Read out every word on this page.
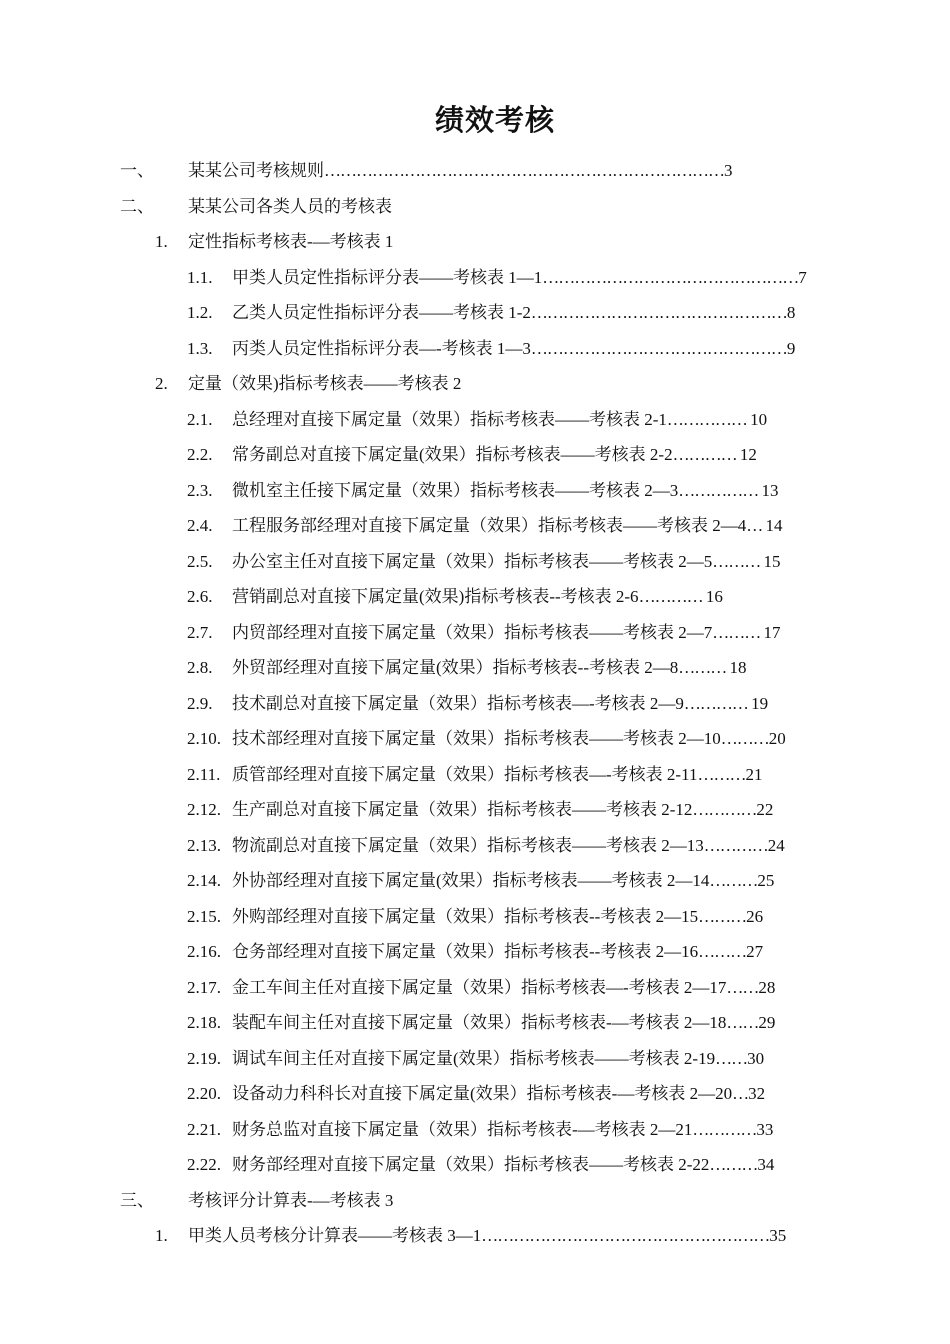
绩效考核
一、 某某公司考核规则…………………………………………………………………3
二、 某某公司各类人员的考核表
1. 定性指标考核表-—考核表 1
1.1. 甲类人员定性指标评分表——考核表 1—1…………………………………………7
1.2. 乙类人员定性指标评分表——考核表 1-2…………………………………………8
1.3. 丙类人员定性指标评分表—-考核表 1—3…………………………………………9
2. 定量（效果)指标考核表——考核表 2
2.1. 总经理对直接下属定量（效果）指标考核表——考核表 2-1…………… 10
2.2. 常务副总对直接下属定量(效果）指标考核表——考核表 2-2………… 12
2.3. 微机室主任接下属定量（效果）指标考核表——考核表 2—3…………… 13
2.4. 工程服务部经理对直接下属定量（效果）指标考核表——考核表 2—4… 14
2.5. 办公室主任对直接下属定量（效果）指标考核表——考核表 2—5……… 15
2.6. 营销副总对直接下属定量(效果)指标考核表--考核表 2-6………… 16
2.7. 内贸部经理对直接下属定量（效果）指标考核表——考核表 2—7……… 17
2.8. 外贸部经理对直接下属定量(效果）指标考核表--考核表 2—8……… 18
2.9. 技术副总对直接下属定量（效果）指标考核表—-考核表 2—9………… 19
2.10. 技术部经理对直接下属定量（效果）指标考核表——考核表 2—10………20
2.11. 质管部经理对直接下属定量（效果）指标考核表—-考核表 2-11………21
2.12. 生产副总对直接下属定量（效果）指标考核表——考核表 2-12…………22
2.13. 物流副总对直接下属定量（效果）指标考核表——考核表 2—13…………24
2.14. 外协部经理对直接下属定量(效果）指标考核表——考核表 2—14………25
2.15. 外购部经理对直接下属定量（效果）指标考核表--考核表 2—15………26
2.16. 仓务部经理对直接下属定量（效果）指标考核表--考核表 2—16………27
2.17. 金工车间主任对直接下属定量（效果）指标考核表—-考核表 2—17……28
2.18. 装配车间主任对直接下属定量（效果）指标考核表-—考核表 2—18……29
2.19. 调试车间主任对直接下属定量(效果）指标考核表——考核表 2-19……30
2.20. 设备动力科科长对直接下属定量(效果）指标考核表-—考核表 2—20…32
2.21. 财务总监对直接下属定量（效果）指标考核表-—考核表 2—21…………33
2.22. 财务部经理对直接下属定量（效果）指标考核表——考核表 2-22………34
三、 考核评分计算表-—考核表 3
1. 甲类人员考核分计算表——考核表 3—1………………………………………………35
